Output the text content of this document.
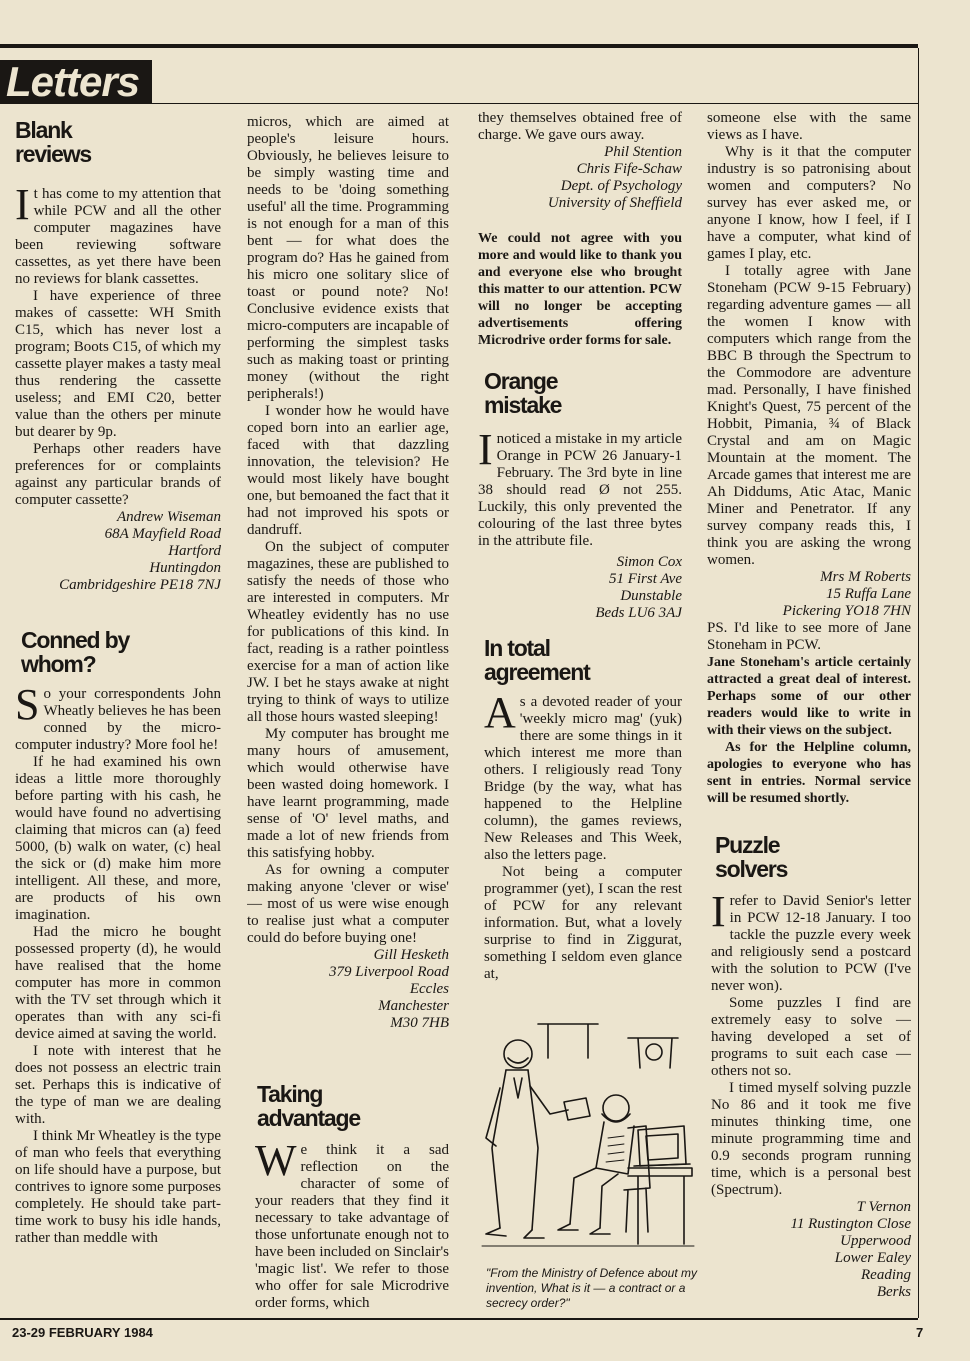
Letters
Blank
reviews

It has come to my attention that while PCW and all the other computer magazines have been reviewing software cassettes, as yet there have been no reviews for blank cassettes.

I have experience of three makes of cassette: WH Smith C15, which has never lost a program; Boots C15, of which my cassette player makes a tasty meal thus rendering the cassette useless; and EMI C20, better value than the others per minute but dearer by 9p.

Perhaps other readers have preferences for or complaints against any particular brands of computer cassette?

Andrew Wiseman
68A Mayfield Road
Hartford
Huntingdon
Cambridgeshire PE18 7NJ
Conned by
whom?

So your correspondents John Wheatly believes he has been conned by the micro-computer industry? More fool he!

If he had examined his own ideas a little more thoroughly before parting with his cash, he would have found no advertising claiming that micros can (a) feed 5000, (b) walk on water, (c) heal the sick or (d) make him more intelligent. All these, and more, are products of his own imagination.

Had the micro he bought possessed property (d), he would have realised that the home computer has more in common with the TV set through which it operates than with any sci-fi device aimed at saving the world.

I note with interest that he does not possess an electric train set. Perhaps this is indicative of the type of man we are dealing with.

I think Mr Wheatley is the type of man who feels that everything on life should have a purpose, but contrives to ignore some purposes completely. He should take part-time work to busy his idle hands, rather than meddle with

micros, which are aimed at people's leisure hours. Obviously, he believes leisure to be simply wasting time and needs to be 'doing something useful' all the time. Programming is not enough for a man of this bent — for what does the program do? Has he gained from his micro one solitary slice of toast or pound note? No! Conclusive evidence exists that micro-computers are incapable of performing the simplest tasks such as making toast or printing money (without the right peripherals!)

I wonder how he would have coped born into an earlier age, faced with that dazzling innovation, the television? He would most likely have bought one, but bemoaned the fact that it had not improved his spots or dandruff.

On the subject of computer magazines, these are published to satisfy the needs of those who are interested in computers. Mr Wheatley evidently has no use for publications of this kind. In fact, reading is a rather pointless exercise for a man of action like JW. I bet he stays awake at night trying to think of ways to utilize all those hours wasted sleeping!

My computer has brought me many hours of amusement, which would otherwise have been wasted doing homework. I have learnt programming, made sense of 'O' level maths, and made a lot of new friends from this satisfying hobby.

As for owning a computer making anyone 'clever or wise' — most of us were wise enough to realise just what a computer could do before buying one!

Gill Hesketh
379 Liverpool Road
Eccles
Manchester
M30 7HB
Taking
advantage

We think it a sad reflection on the character of some of your readers that they find it necessary to take advantage of those unfortunate enough not to have been included on Sinclair's 'magic list'. We refer to those who offer for sale Microdrive order forms, which

they themselves obtained free of charge. We gave ours away.

Phil Stention
Chris Fife-Schaw
Dept. of Psychology
University of Sheffield

We could not agree with you more and would like to thank you and everyone else who brought this matter to our attention. PCW will no longer be accepting advertisements offering Microdrive order forms for sale.

Orange
mistake

Inoticed a mistake in my article Orange in PCW 26 January-1 February. The 3rd byte in line 38 should read Ø not 255. Luckily, this only prevented the colouring of the last three bytes in the attribute file.

Simon Cox
51 First Ave
Dunstable
Beds LU6 3AJ
In total
agreement

As a devoted reader of your 'weekly micro mag' (yuk) there are some things in it which interest me more than others. I religiously read Tony Bridge (by the way, what has happened to the Helpline column), the games reviews, New Releases and This Week, also the letters page.

Not being a computer programmer (yet), I scan the rest of PCW for any relevant information. But, what a lovely surprise to find in Ziggurat, something I seldom even glance at,

"From the Ministry of Defence about my invention, What is it — a contract or a secrecy order?"

someone else with the same views as I have.

Why is it that the computer industry is so patronising about women and computers? No survey has ever asked me, or anyone I know, how I feel, if I have a computer, what kind of games I play, etc.

I totally agree with Jane Stoneham (PCW 9-15 February) regarding adventure games — all the women I know with computers which range from the BBC B through the Spectrum to the Commodore are adventure mad. Personally, I have finished Knight's Quest, 75 percent of the Hobbit, Pimania, ¾ of Black Crystal and am on Magic Mountain at the moment. The Arcade games that interest me are Ah Diddums, Atic Atac, Manic Miner and Penetrator. If any survey company reads this, I think you are asking the wrong women.

Mrs M Roberts
15 Ruffa Lane
Pickering YO18 7HN

PS. I'd like to see more of Jane Stoneham in PCW.

Jane Stoneham's article certainly attracted a great deal of interest. Perhaps some of our other readers would like to write in with their views on the subject.

As for the Helpline column, apologies to everyone who has sent in entries. Normal service will be resumed shortly.

Puzzle
solvers

Irefer to David Senior's letter in PCW 12-18 January. I too tackle the puzzle every week and religiously send a postcard with the solution to PCW (I've never won).

Some puzzles I find are extremely easy to solve — having developed a set of programs to suit each case — others not so.

I timed myself solving puzzle No 86 and it took me five minutes thinking time, one minute programming time and 0.9 seconds program running time, which is a personal best (Spectrum).

T Vernon
11 Rustington Close
Upperwood
Lower Ealey
Reading
Berks
23-29 FEBRUARY 1984	7
